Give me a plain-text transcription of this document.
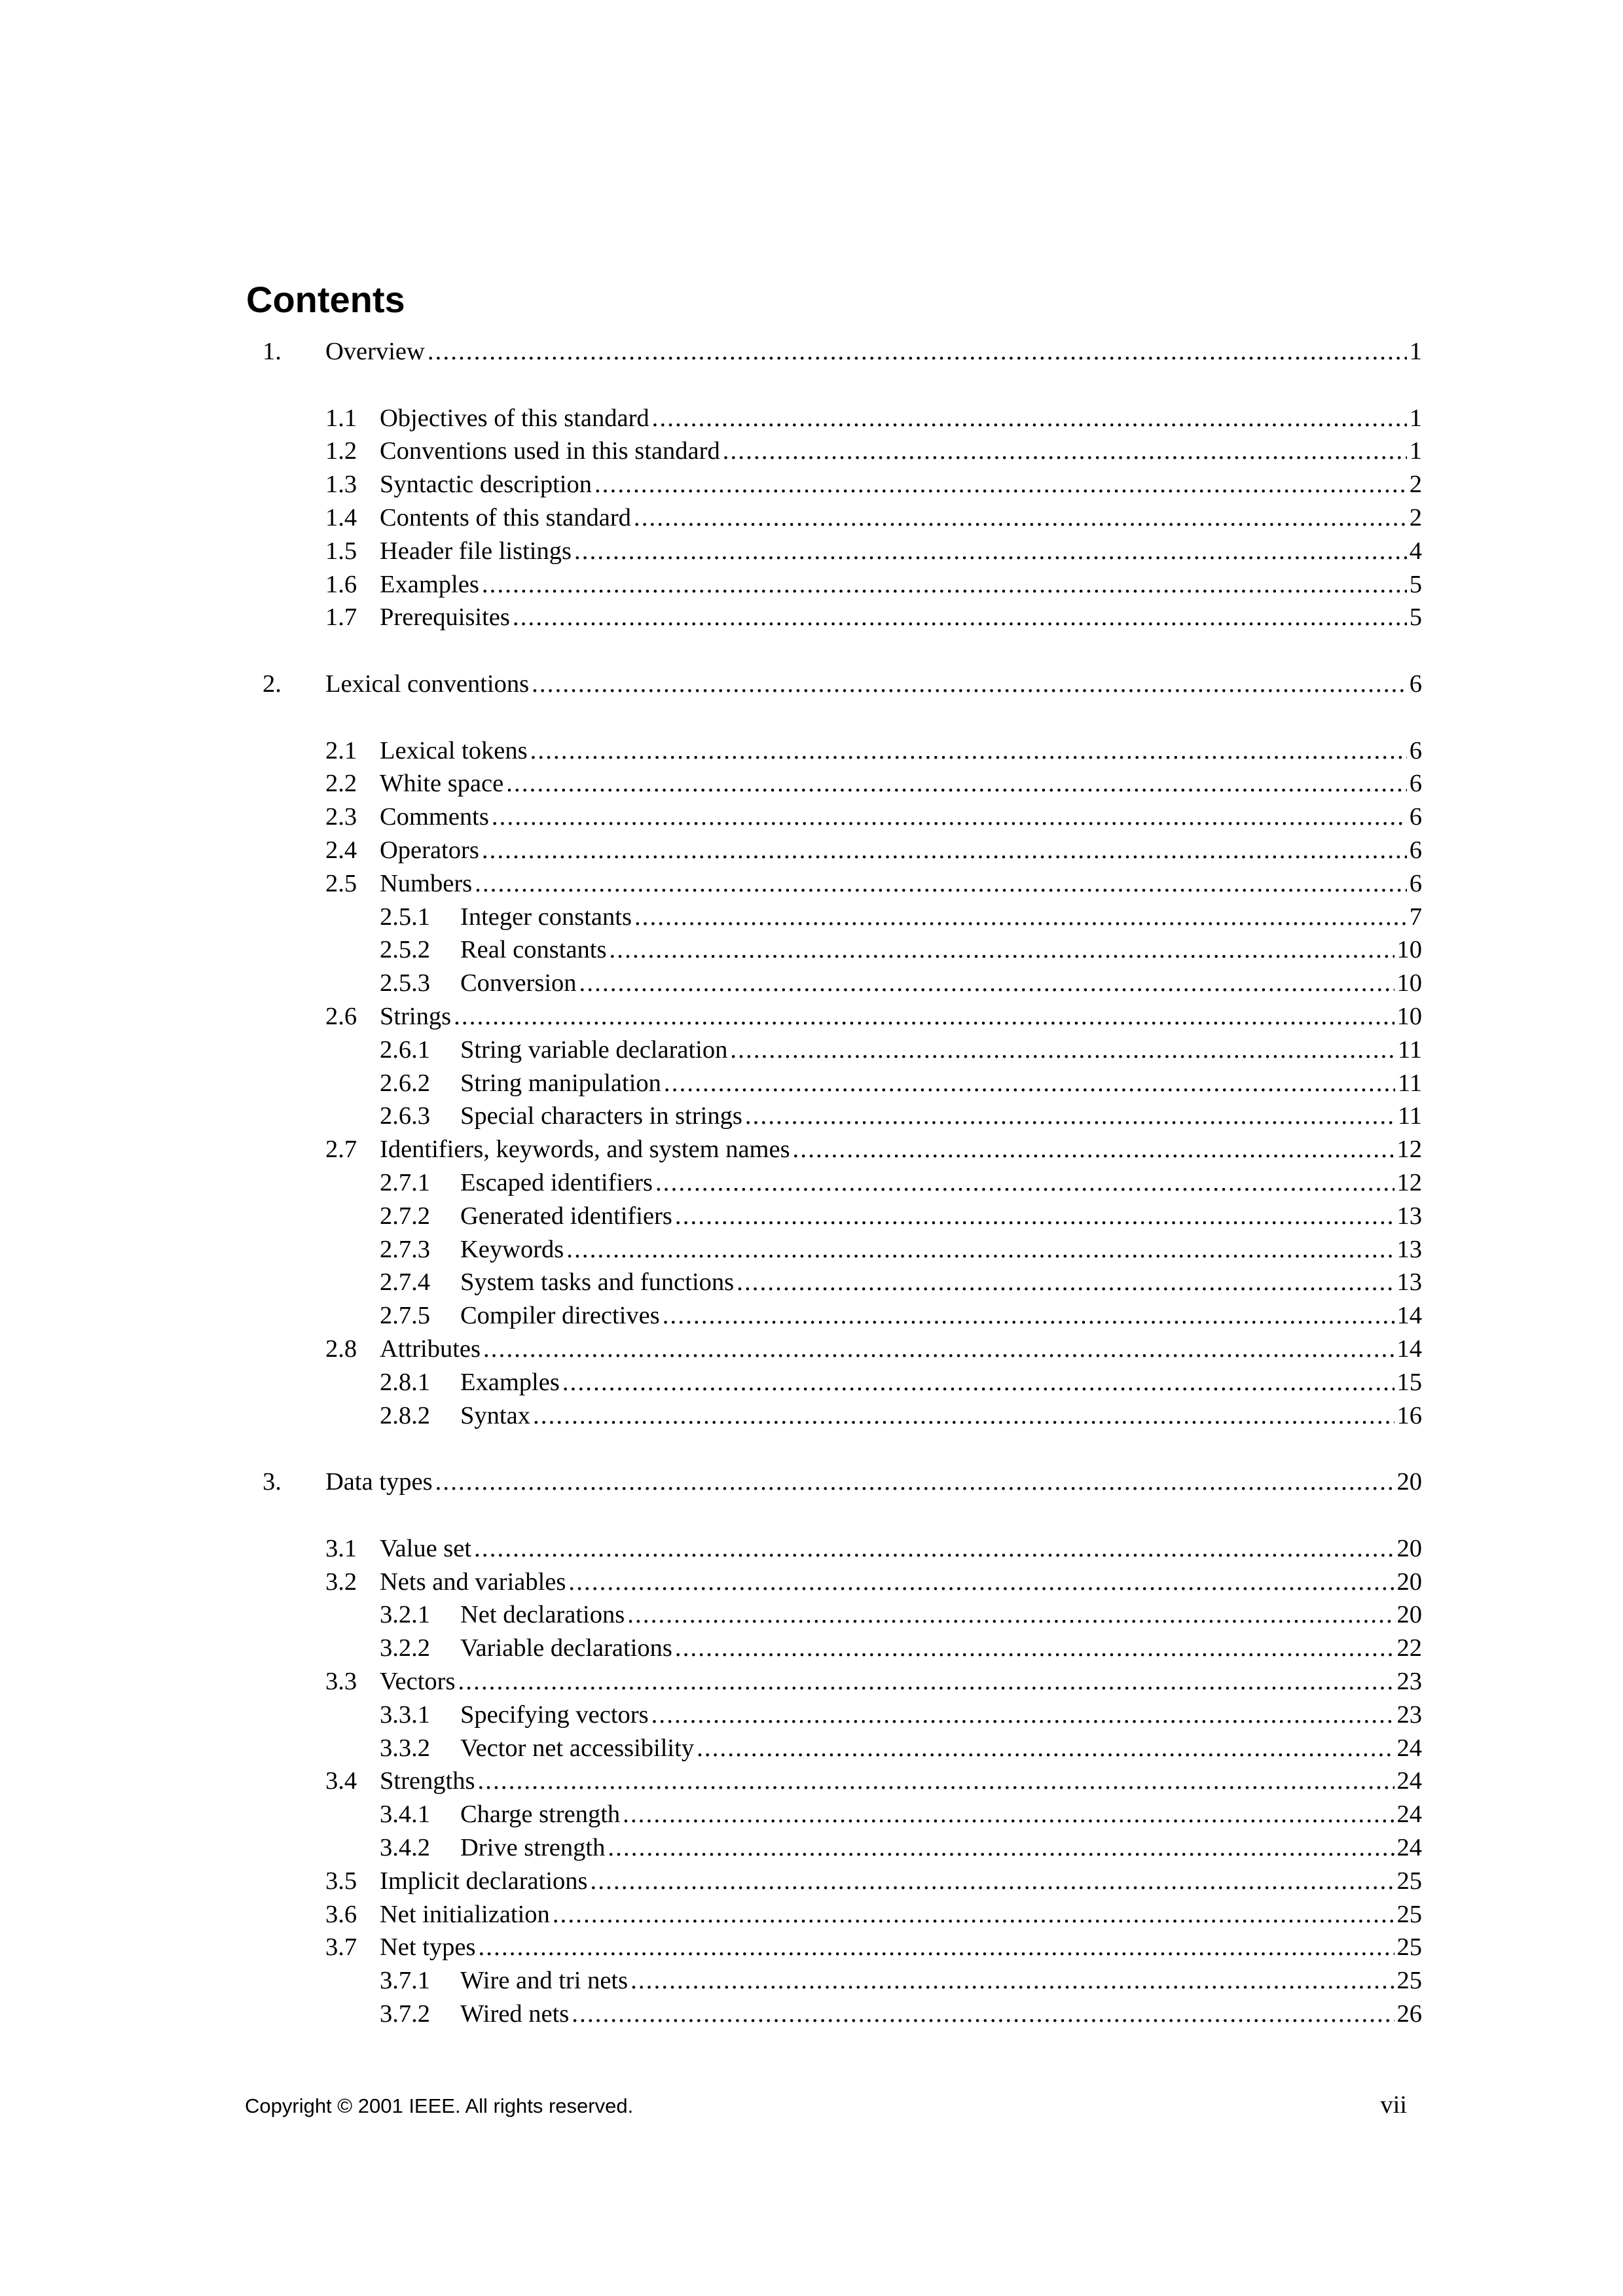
Contents
1. Overview .....	1
1.1 Objectives of this standard .....	1
1.2 Conventions used in this standard .....	1
1.3 Syntactic description .....	2
1.4 Contents of this standard .....	2
1.5 Header file listings .....	4
1.6 Examples .....	5
1.7 Prerequisites .....	5
2. Lexical conventions .....	6
2.1 Lexical tokens .....	6
2.2 White space .....	6
2.3 Comments .....	6
2.4 Operators .....	6
2.5 Numbers .....	6
2.5.1 Integer constants .....	7
2.5.2 Real constants .....	10
2.5.3 Conversion .....	10
2.6 Strings .....	10
2.6.1 String variable declaration .....	11
2.6.2 String manipulation .....	11
2.6.3 Special characters in strings .....	11
2.7 Identifiers, keywords, and system names .....	12
2.7.1 Escaped identifiers .....	12
2.7.2 Generated identifiers .....	13
2.7.3 Keywords .....	13
2.7.4 System tasks and functions .....	13
2.7.5 Compiler directives .....	14
2.8 Attributes .....	14
2.8.1 Examples .....	15
2.8.2 Syntax .....	16
3. Data types .....	20
3.1 Value set .....	20
3.2 Nets and variables .....	20
3.2.1 Net declarations .....	20
3.2.2 Variable declarations .....	22
3.3 Vectors .....	23
3.3.1 Specifying vectors .....	23
3.3.2 Vector net accessibility .....	24
3.4 Strengths .....	24
3.4.1 Charge strength .....	24
3.4.2 Drive strength .....	24
3.5 Implicit declarations .....	25
3.6 Net initialization .....	25
3.7 Net types .....	25
3.7.1 Wire and tri nets .....	25
3.7.2 Wired nets .....	26
Copyright © 2001 IEEE. All rights reserved.	vii
